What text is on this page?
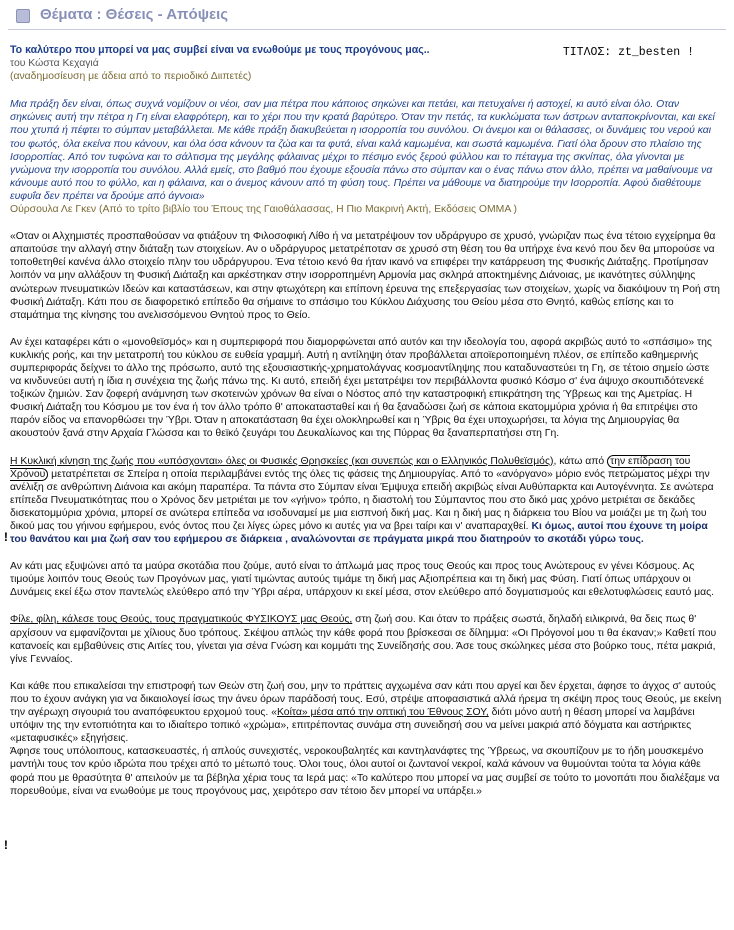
Θέματα : Θέσεις - Απόψεις
ΤΙΤΛΟΣ: zt_besten !
Το καλύτερο που μπορεί να μας συμβεί είναι να ενωθούμε με τους προγόνους μας..
του Κώστα Κεχαγιά
(αναδημοσίευση με άδεια από το περιοδικό Διιπετές)
Μια πράξη δεν είναι, όπως συχνά νομίζουν οι νέοι, σαν μια πέτρα που κάποιος σηκώνει και πετάει, και πετυχαίνει ή αστοχεί, κι αυτό είναι όλο. Οταν σηκώνεις αυτή την πέτρα η Γη είναι ελαφρότερη, και το χέρι που την κρατά βαρύτερο. Όταν την πετάς, τα κυκλώματα των άστρων ανταποκρίνονται, και εκεί που χτυπά ή πέφτει το σύμπαν μεταβάλλεται. Με κάθε πράξη διακυβεύεται η ισορροπία του συνόλου. Οι άνεμοι και οι θάλασσες, οι δυνάμεις του νερού και του φωτός, όλα εκείνα που κάνουν, και όλα όσα κάνουν τα ζώα και τα φυτά, είναι καλά καμωμένα, και σωστά καμωμένα. Γιατί όλα δρουν στο πλαίσιο της Ισορροπίας. Από τον τυφώνα και το σάλτισμα της μεγάλης φάλαινας μέχρι το πέσιμο ενός ξερού φύλλου και το πέταγμα της σκνίπας, όλα γίνονται με γνώμονα την ισορροπία του συνόλου. Αλλά εμείς, στο βαθμό που έχουμε εξουσία πάνω στο σύμπαν και ο ένας πάνω στον άλλο, πρέπει να μαθαίνουμε να κάνουμε αυτό που το φύλλο, και η φάλαινα, και ο άνεμος κάνουν από τη φύση τους. Πρέπει να μάθουμε να διατηρούμε την Ισορροπία. Αφού διαθέτουμε ευφυΐα δεν πρέπει να δρούμε από άγνοια»
Ούρσουλα Λε Γκεν (Από το τρίτο βιβλίο του Έπους της Γαιοθάλασσας, Η Πιο Μακρινή Ακτή, Εκδόσεις ΟΜΜΑ )

«Οταν οι Αλχημιστές προσπαθούσαν να φτιάξουν τη Φιλοσοφική Λίθο ή να μετατρέψουν τον υδράργυρο σε χρυσό, γνώριζαν πως ένα τέτοιο εγχείρημα θα απαιτούσε την αλλαγή στην διάταξη των στοιχείων. Αν ο υδράργυρος μετατρέποταν σε χρυσό στη θέση του θα υπήρχε ένα κενό που δεν θα μπορούσε να τοποθετηθεί κανένα άλλο στοιχείο πλην του υδράργυρου. Ένα τέτοιο κενό θα ήταν ικανό να επιφέρει την κατάρρευση της Φυσικής Διάταξης. Προτίμησαν λοιπόν να μην αλλάξουν τη Φυσική Διάταξη και αρκέστηκαν στην ισορροπημένη Αρμονία μας σκληρά αποκτημένης Διάνοιας, με ικανότητες σύλληψης ανώτερων πνευματικών Ιδεών και καταστάσεων, και στην φτωχότερη και επίπονη έρευνα της επεξεργασίας των στοιχείων, χωρίς να διακόψουν τη Ροή στη Φυσική Διάταξη. Κάτι που σε διαφορετικό επίπεδο θα σήμαινε το σπάσιμο του Κύκλου Διάχυσης του Θείου μέσα στο Θνητό, καθώς επίσης και το σταμάτημα της κίνησης του ανελισσόμενου Θνητού προς το Θείο.

Αν έχει καταφέρει κάτι ο «μονοθεϊσμός» και η συμπεριφορά που διαμορφώνεται από αυτόν και την ιδεολογία του, αφορά ακριβώς αυτό το «σπάσιμο» της κυκλικής ροής, και την μετατροπή του κύκλου σε ευθεία γραμμή. Αυτή η αντίληψη όταν προβάλλεται αποϊεροποιημένη πλέον, σε επίπεδο καθημερινής συμπεριφοράς δείχνει το άλλο της πρόσωπο, αυτό της εξουσιαστικής-χρηματολάγνας κοσμοαντίληψης που καταδυναστεύει τη Γη, σε τέτοιο σημείο ώστε να κινδυνεύει αυτή η ίδια η συνέχεια της ζωής πάνω της. Κι αυτό, επειδή έχει μετατρέψει τον περιβάλλοντα φυσικό Κόσμο σ' ένα άψυχο σκουπιδότενεκέ τοξικών ζημιών. Σαν ζοφερή ανάμνηση των σκοτεινών χρόνων θα είναι ο Νόστος από την καταστροφική επικράτηση της Ύβρεως και της Αμετρίας. Η Φυσική Διάταξη του Κόσμου με τον ένα ή τον άλλο τρόπο θ' αποκατασταθεί και ή θα ξαναδώσει ζωή σε κάποια εκατομμύρια χρόνια ή θα επιτρέψει στο παρόν είδος να επανορθώσει την Ύβρι. Όταν η αποκατάσταση θα έχει ολοκληρωθεί και η Ύβρις θα έχει υποχωρήσει, τα λόγια της Δημιουργίας θα ακουστούν ξανά στην Αρχαία Γλώσσα και το θεϊκό ζευγάρι του Δευκαλίωνος και της Πύρρας θα ξαναπερπατήσει στη Γη.

Η Κυκλική κίνηση της ζωής που «υπόσχονται» όλες οι Φυσικές Θρησκείες (και συνεπώς και ο Ελληνικός Πολυθεϊσμός), κάτω από την επίδραση του Χρόνου μετατρέπεται σε Σπείρα η οποία περιλαμβάνει εντός της όλες τις φάσεις της Δημιουργίας. Από το «ανόργανο» μόριο ενός πετρώματος μέχρι την ανέλιξη σε ανθρώπινη Διάνοια και ακόμη παραπέρα. Τα πάντα στο Σύμπαν είναι Έμψυχα επειδή ακριβώς είναι Αυθύπαρκτα και Αυτογέννητα. Σε ανώτερα επίπεδα Πνευματικότητας που ο Χρόνος δεν μετριέται με τον «γήινο» τρόπο, η διαστολή του Σύμπαντος που στο δικό μας χρόνο μετριέται σε δεκάδες δισεκατομμύρια χρόνια, μπορεί σε ανώτερα επίπεδα να ισοδυναμεί με μια εισπνοή δική μας. Και η δική μας η διάρκεια του Βίου να μοιάζει με τη ζωή του δικού μας του γήινου εφήμερου, ενός όντος που ζει λίγες ώρες μόνο κι αυτές για να βρει ταίρι και ν' αναπαραχθεί. Κι όμως, αυτοί που έχουνε τη μοίρα του θανάτου και μια ζωή σαν του εφήμερου σε διάρκεια , αναλώνονται σε πράγματα μικρά που διατηρούν το σκοτάδι γύρω τους.

Αν κάτι μας εξυψώνει από τα μαύρα σκοτάδια που ζούμε, αυτό είναι το άπλωμά μας προς τους Θεούς και προς τους Ανώτερους εν γένει Κόσμους. Ας τιμούμε λοιπόν τους Θεούς των Προγόνων μας, γιατί τιμώντας αυτούς τιμάμε τη δική μας Αξιοπρέπεια και τη δική μας Φύση. Γιατί όπως υπάρχουν οι Δυνάμεις εκεί έξω στον παντελώς ελεύθερο από την Ύβρι αέρα, υπάρχουν κι εκεί μέσα, στον ελεύθερο από δογματισμούς και εθελοτυφλώσεις εαυτό μας.

Φίλε, φίλη, κάλεσε τους Θεούς, τους πραγματικούς ΦΥΣΙΚΟΥΣ μας Θεούς, στη ζωή σου. Και όταν το πράξεις σωστά, δηλαδή ειλικρινά, θα δεις πως θ' αρχίσουν να εμφανίζονται με χίλιους δυο τρόπους. Σκέψου απλώς την κάθε φορά που βρίσκεσαι σε δίλημμα: «Οι Πρόγονοί μου τι θα έκαναν;» Καθετί που κατανοείς και εμβαθύνεις στις Αιτίες του, γίνεται για σένα Γνώση και κομμάτι της Συνείδησής σου. Άσε τους σκώληκες μέσα στο βούρκο τους, πέτα μακριά, γίνε Γεννaίος.

Και κάθε που επικαλείσαι την επιστροφή των Θεών στη ζωή σου, μην το πράττεις αγχωμένα σαν κάτι που αργεί και δεν έρχεται, άφησε το άγχος σ' αυτούς που το έχουν ανάγκη για να δικαιολογεί ίσως την άνευ όρων παράδοσή τους. Εσύ, στρέψε αποφασιστικά αλλά ήρεμα τη σκέψη προς τους Θεούς, με εκείνη την αγέρωχη σιγουριά του αναπόφευκτου ερχομού τους. «Κοίτα» μέσα από την οπτική του Έθνους ΣΟΥ, διότι μόνο αυτή η θέαση μπορεί να λαμβάνει υπόψιν της την εντοπιότητα και το ιδιαίτερο τοπικό «χρώμα», επιτρέποντας συνάμα στη συνειδησή σου να μείνει μακριά από δόγματα και αστήρικτες «μεταφυσικές» εξηγήσεις.
Άφησε τους υπόλοιπους, κατασκευαστές, ή απλούς συνεχιστές, νεροκουβαλητές και καντηλανάφτες της Ύβρεως, να σκουπίζουν με το ήδη μουσκεμένο μαντήλι τους τον κρύο ιδρώτα που τρέχει από το μέτωπό τους. Όλοι τους, όλοι αυτοί οι ζωντανοί νεκροί, καλά κάνουν να θυμούνται τούτα τα λόγια κάθε φορά που με θρασύτητα θ' απειλούν με τα βέβηλα χέρια τους τα Ιερά μας: «Το καλύτερο που μπορεί να μας συμβεί σε τούτο το μονοπάτι που διαλέξαμε να πορευθούμε, είναι να ενωθούμε με τους προγόνους μας, χειρότερο σαν τέτοιο δεν μπορεί να υπάρξει.»

!
!
